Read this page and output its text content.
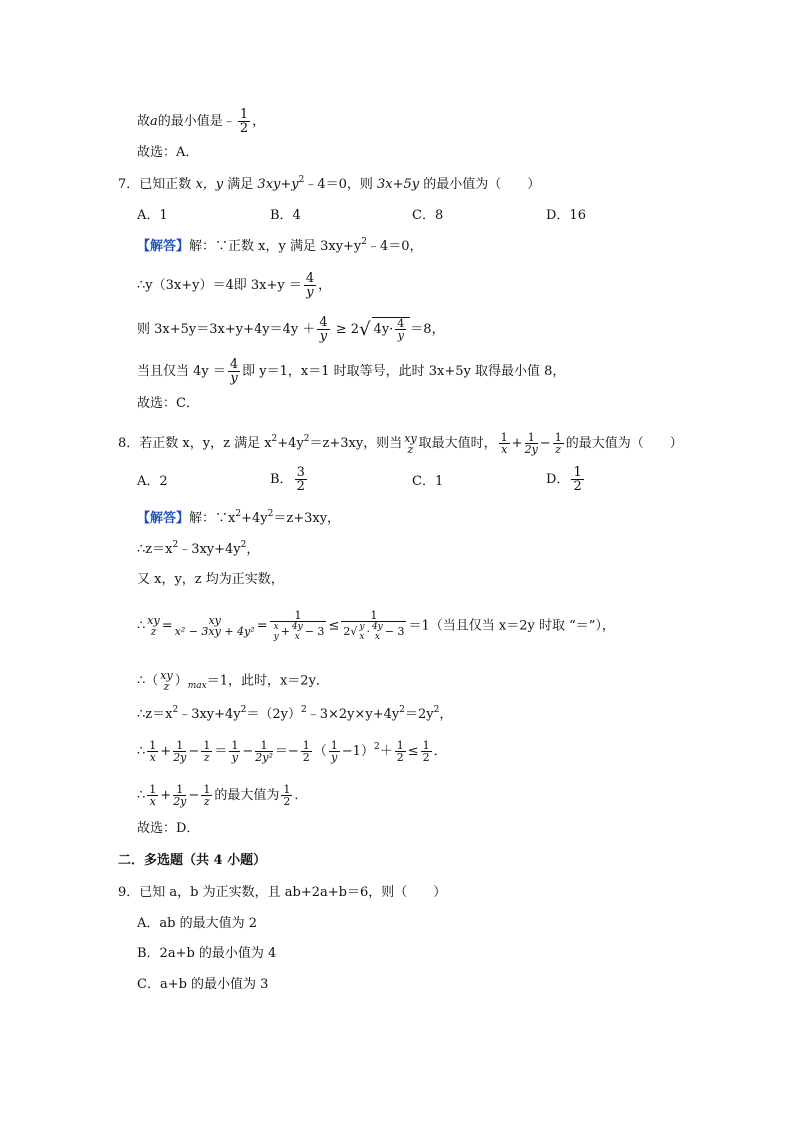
故a的最小值是﹣ $\frac{1}{2}$ ，
故选：A．
7．已知正数 x，y 满足 $3xy+y^2﹣4=0$，则 3x+5y 的最小值为（　　）
A．1	B．4	C．8	D．16
【解答】解：∵正数 x，y 满足 $3xy+y^2﹣4=0$，
∴y（3x+y）＝4即 $3x+y = \frac{4}{y}$ ，
则 $3x+5y=3x+y+4y=4y + \frac{4}{y} \ge 2√$ $4y\cdot \frac{4}{y} =8$，
当且仅当 $4y = \frac{4}{y}$ 即 y＝1，x＝1 时取等号，此时 3x+5y 取得最小值 8，
故选：C．
8．若正数 x，y，z 满足 $x^2+4y^2=z+3xy$，则当 xy
z 取最大值时， $\frac{1}{x} + \frac{1}{2y} - \frac{1}{z}$ 的最大值为（　　）
A．2	B． $\frac{3}{2}$	C．1	D． $\frac{1}{2}$
【解答】解：$\because x^2+4y^2=z+3xy$，
$\therefore z=x^2﹣3xy+4y^2$，
又 x，y，z 均为正实数，
∴ xy
z =	xy
x² − 3xy + 4y² = 1
x
y + 4y
x − 3 ≤ 1
2√ y
x · 4y
x − 3 ＝1（当且仅当 x＝2y 时取 “＝”），
∴（ xy
z ）$_{max}=1$，此时，x＝2y．
$\therefore z=x^2﹣3xy+4y^2=(2y)^2﹣3\times 2y\times y+4y^2=2y^2$，
∴ $\frac{1}{x} + \frac{1}{2y} - \frac{1}{z} = \frac{1}{y} - \frac{1}{\text{2y²}} =- \frac{1}{2}$ （ $\frac{1}{y} -1)^2+ \frac{1}{2} \le \frac{1}{2}$ ．
∴ $\frac{1}{x} + \frac{1}{2y} - \frac{1}{z}$ 的最大值为 $\frac{1}{2}$ ．
故选：D．
二．多选题（共 4 小题）
9．已知 a，b 为正实数，且 ab+2a+b＝6，则（　　）
A．ab 的最大值为 2
B．2a+b 的最小值为 4
C．a+b 的最小值为 3
